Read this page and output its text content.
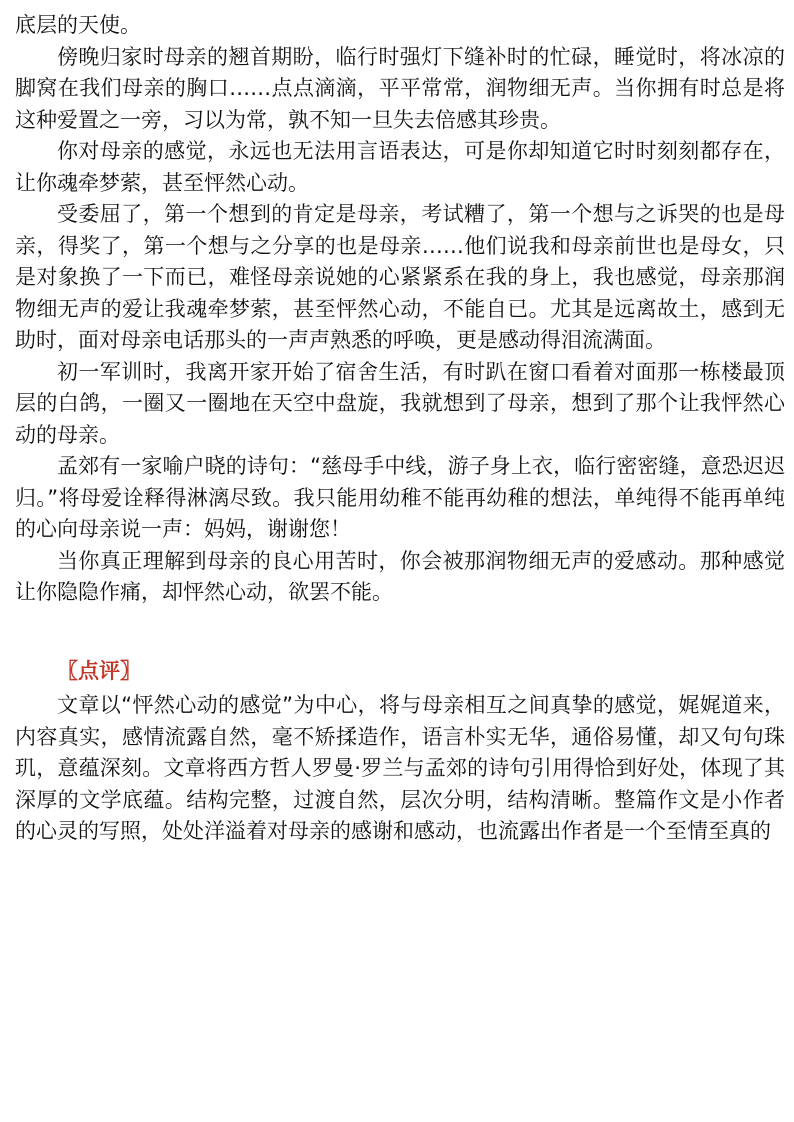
底层的天使。

傍晚归家时母亲的翘首期盼，临行时强灯下缝补时的忙碌，睡觉时，将冰凉的脚窝在我们母亲的胸口……点点滴滴，平平常常，润物细无声。当你拥有时总是将这种爱置之一旁，习以为常，孰不知一旦失去倍感其珍贵。

你对母亲的感觉，永远也无法用言语表达，可是你却知道它时时刻刻都存在，让你魂牵梦萦，甚至怦然心动。

受委屈了，第一个想到的肯定是母亲，考试糟了，第一个想与之诉哭的也是母亲，得奖了，第一个想与之分享的也是母亲……他们说我和母亲前世也是母女，只是对象换了一下而已，难怪母亲说她的心紧紧系在我的身上，我也感觉，母亲那润物细无声的爱让我魂牵梦萦，甚至怦然心动，不能自已。尤其是远离故土，感到无助时，面对母亲电话那头的一声声熟悉的呼唤，更是感动得泪流满面。

初一军训时，我离开家开始了宿舍生活，有时趴在窗口看着对面那一栋楼最顶层的白鸽，一圈又一圈地在天空中盘旋，我就想到了母亲，想到了那个让我怦然心动的母亲。

孟郊有一家喻户晓的诗句：“慈母手中线，游子身上衣，临行密密缝，意恐迟迟归。”将母爱诠释得淋漓尽致。我只能用幼稚不能再幼稚的想法，单纯得不能再单纯的心向母亲说一声：妈妈，谢谢您！

当你真正理解到母亲的良心用苦时，你会被那润物细无声的爱感动。那种感觉让你隐隐作痛，却怦然心动，欲罢不能。

〖点评〗

文章以“怦然心动的感觉”为中心，将与母亲相互之间真挚的感觉，娓娓道来，内容真实，感情流露自然，毫不矫揉造作，语言朴实无华，通俗易懂，却又句句珠玑，意蕴深刻。文章将西方哲人罗曼·罗兰与孟郊的诗句引用得恰到好处，体现了其深厚的文学底蕴。结构完整，过渡自然，层次分明，结构清晰。整篇作文是小作者的心灵的写照，处处洋溢着对母亲的感谢和感动，也流露出作者是一个至情至真的
